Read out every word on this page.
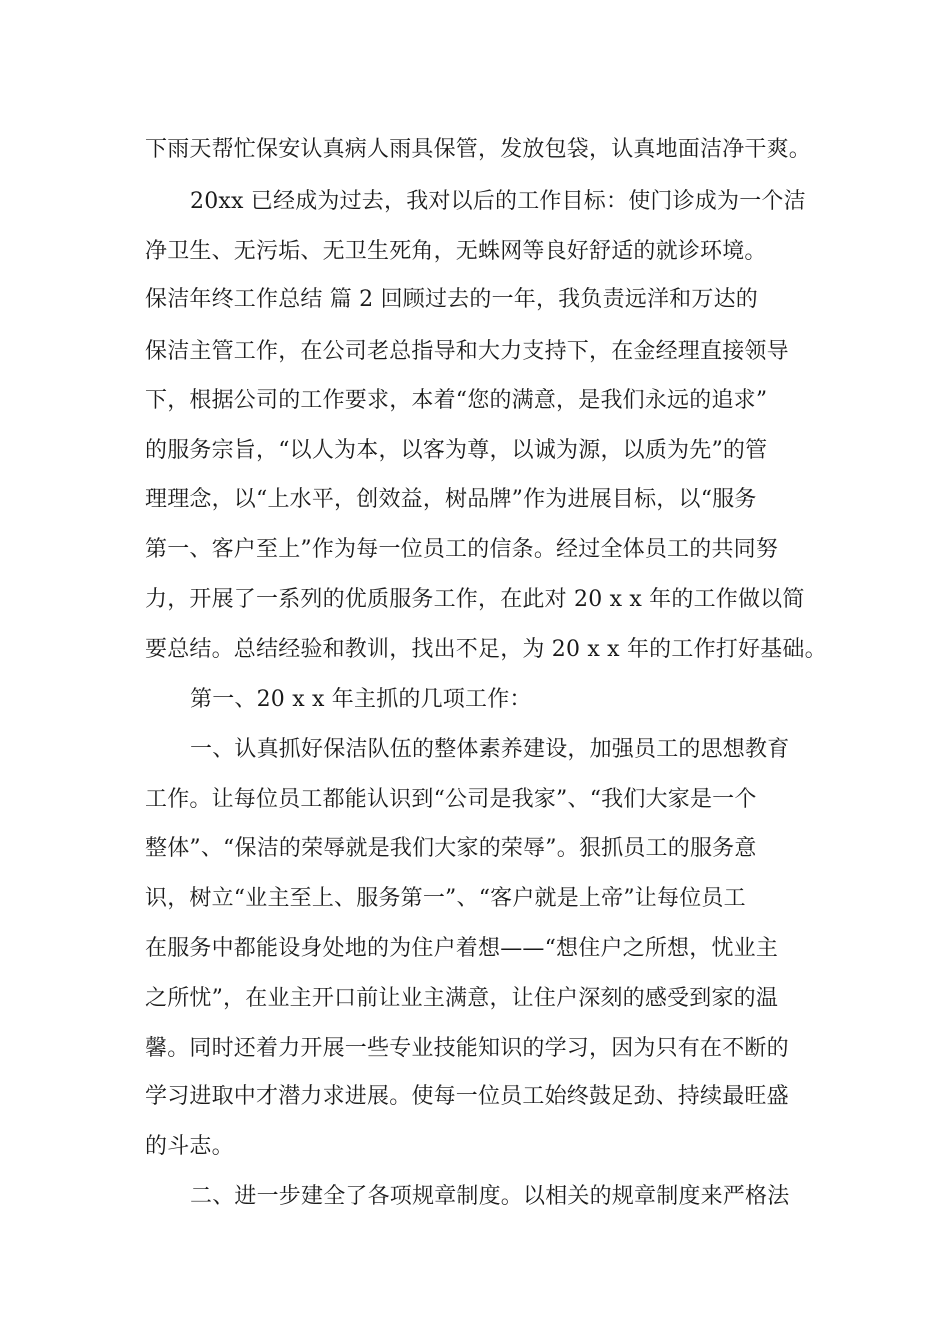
下雨天帮忙保安认真病人雨具保管，发放包袋，认真地面洁净干爽。
20xx 已经成为过去，我对以后的工作目标：使门诊成为一个洁
净卫生、无污垢、无卫生死角，无蛛网等良好舒适的就诊环境。
保洁年终工作总结 篇 2 回顾过去的一年，我负责远洋和万达的
保洁主管工作，在公司老总指导和大力支持下，在金经理直接领导
下，根据公司的工作要求，本着“您的满意，是我们永远的追求”
的服务宗旨，“以人为本，以客为尊，以诚为源，以质为先”的管
理理念，以“上水平，创效益，树品牌”作为进展目标，以“服务
第一、客户至上”作为每一位员工的信条。经过全体员工的共同努
力，开展了一系列的优质服务工作，在此对 20 x x 年的工作做以简
要总结。总结经验和教训，找出不足，为 20 x x 年的工作打好基础。
第一、20 x x 年主抓的几项工作：
一、认真抓好保洁队伍的整体素养建设，加强员工的思想教育
工作。让每位员工都能认识到“公司是我家”、“我们大家是一个
整体”、“保洁的荣辱就是我们大家的荣辱”。狠抓员工的服务意
识，树立“业主至上、服务第一”、“客户就是上帝”让每位员工
在服务中都能设身处地的为住户着想——“想住户之所想，忧业主
之所忧”，在业主开口前让业主满意，让住户深刻的感受到家的温
馨。同时还着力开展一些专业技能知识的学习，因为只有在不断的
学习进取中才潜力求进展。使每一位员工始终鼓足劲、持续最旺盛
的斗志。
二、进一步建全了各项规章制度。以相关的规章制度来严格法
